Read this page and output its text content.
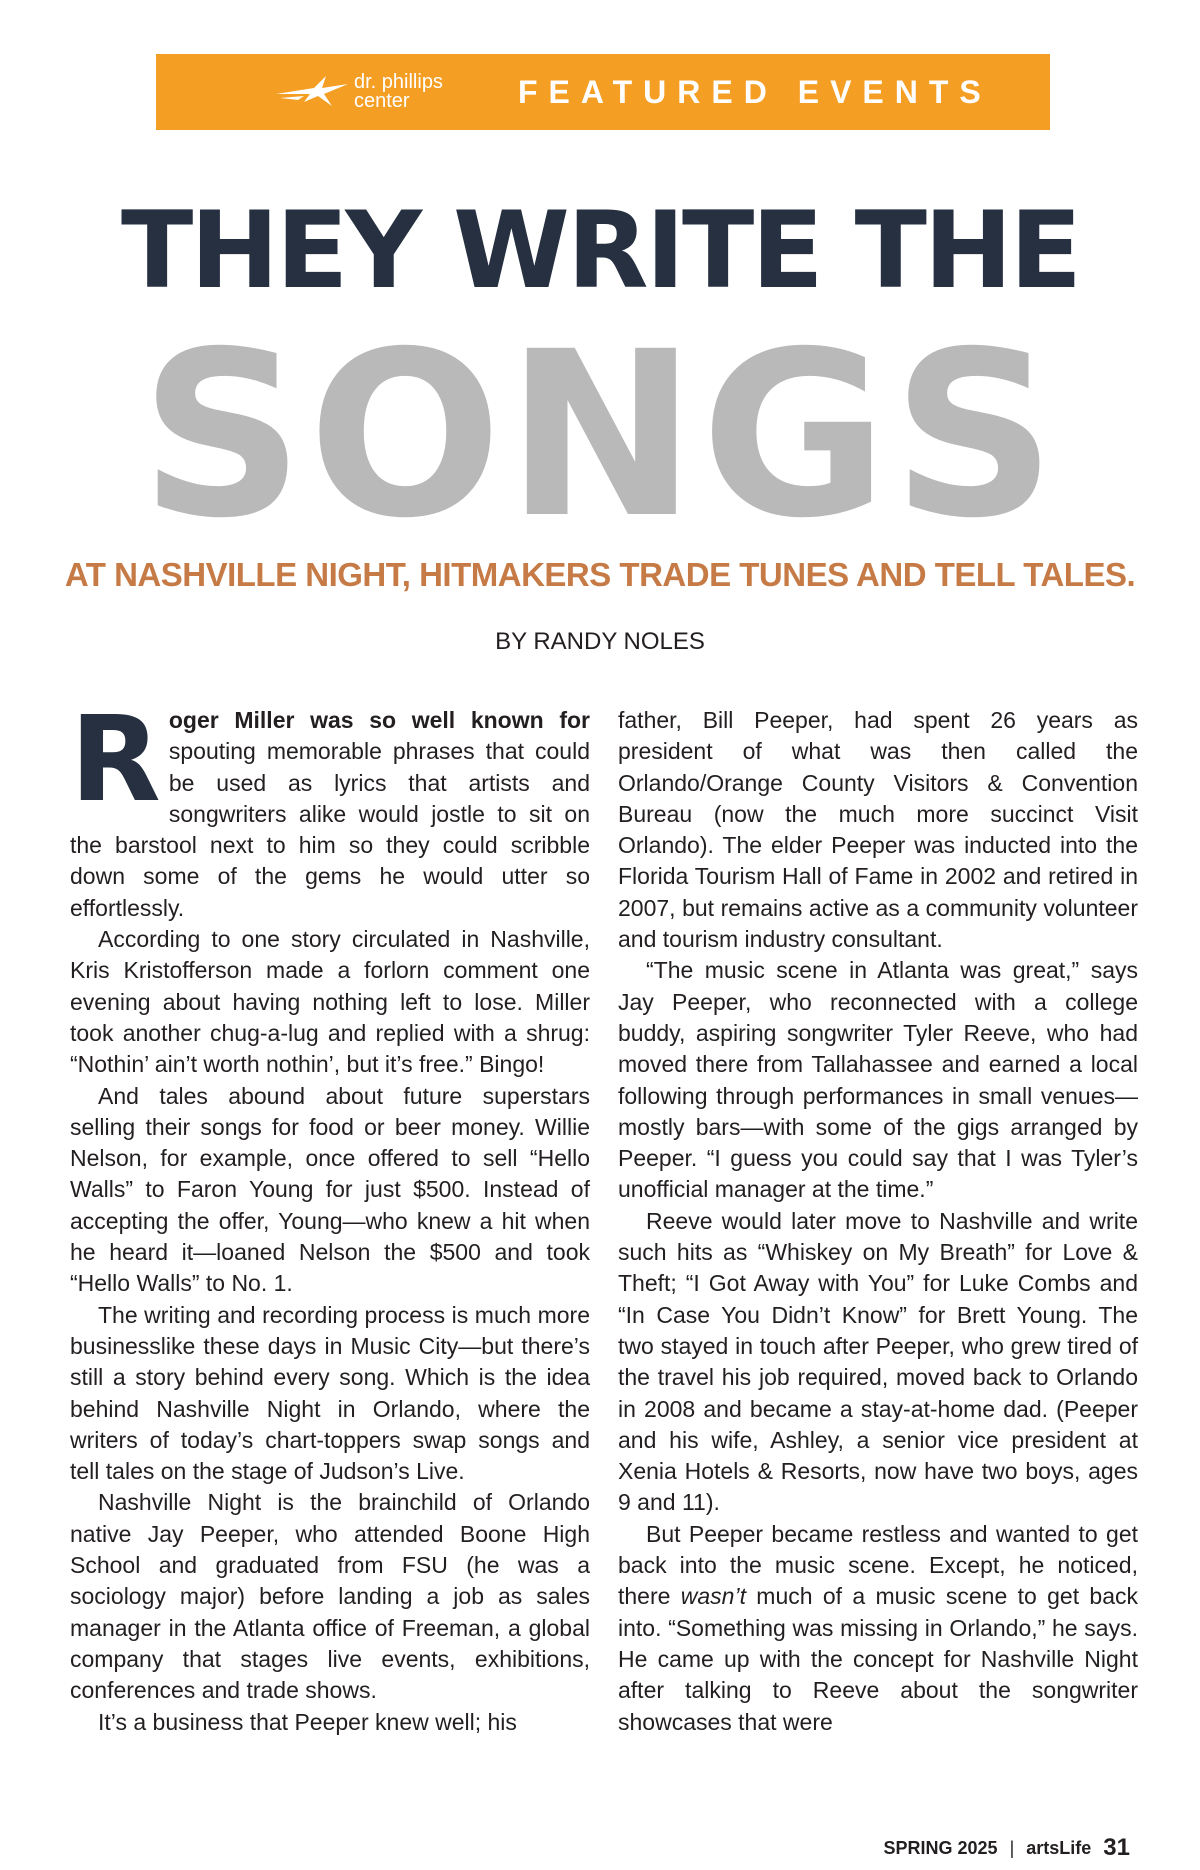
dr. phillips
center	FEATURED EVENTS
THEY WRITE THE
SONGS
AT NASHVILLE NIGHT, HITMAKERS TRADE TUNES AND TELL TALES.
BY RANDY NOLES

Roger Miller was so well known for spouting memorable phrases that could be used as lyrics that artists and songwriters alike would jostle to sit on the barstool next to him so they could scribble down some of the gems he would utter so effortlessly.

According to one story circulated in Nashville, Kris Kristofferson made a forlorn comment one evening about having nothing left to lose. Miller took another chug-a-lug and replied with a shrug: “Nothin’ ain’t worth nothin’, but it’s free.” Bingo!

And tales abound about future superstars selling their songs for food or beer money. Willie Nelson, for example, once offered to sell “Hello Walls” to Faron Young for just $500. Instead of accepting the offer, Young—who knew a hit when he heard it—loaned Nelson the $500 and took “Hello Walls” to No. 1.

The writing and recording process is much more businesslike these days in Music City—but there’s still a story behind every song. Which is the idea behind Nashville Night in Orlando, where the writers of today’s chart-toppers swap songs and tell tales on the stage of Judson’s Live.

Nashville Night is the brainchild of Orlando native Jay Peeper, who attended Boone High School and graduated from FSU (he was a sociology major) before landing a job as sales manager in the Atlanta office of Freeman, a global company that stages live events, exhibitions, conferences and trade shows.

It’s a business that Peeper knew well; his

father, Bill Peeper, had spent 26 years as president of what was then called the Orlando/Orange County Visitors & Convention Bureau (now the much more succinct Visit Orlando). The elder Peeper was inducted into the Florida Tourism Hall of Fame in 2002 and retired in 2007, but remains active as a community volunteer and tourism industry consultant.

“The music scene in Atlanta was great,” says Jay Peeper, who reconnected with a college buddy, aspiring songwriter Tyler Reeve, who had moved there from Tallahassee and earned a local following through performances in small venues—mostly bars—with some of the gigs arranged by Peeper. “I guess you could say that I was Tyler’s unofficial manager at the time.”

Reeve would later move to Nashville and write such hits as “Whiskey on My Breath” for Love & Theft; “I Got Away with You” for Luke Combs and “In Case You Didn’t Know” for Brett Young. The two stayed in touch after Peeper, who grew tired of the travel his job required, moved back to Orlando in 2008 and became a stay-at-home dad. (Peeper and his wife, Ashley, a senior vice president at Xenia Hotels & Resorts, now have two boys, ages 9 and 11).

But Peeper became restless and wanted to get back into the music scene. Except, he noticed, there wasn’t much of a music scene to get back into. “Something was missing in Orlando,” he says. He came up with the concept for Nashville Night after talking to Reeve about the songwriter showcases that were

SPRING 2025 | artsLife 31
